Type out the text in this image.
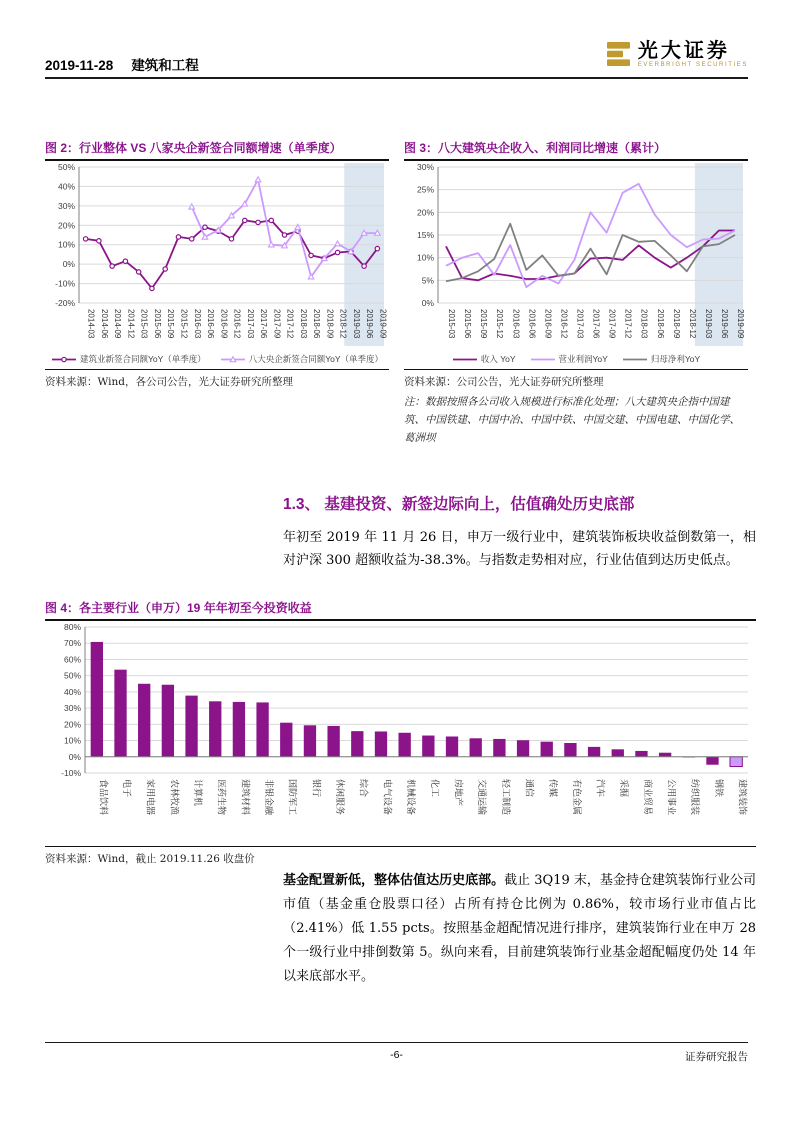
2019-11-28 建筑和工程
光大证券
EVERBRIGHT SECURITIES
图 2：行业整体 VS 八家央企新签合同额增速（单季度）
-20%
-10%
0%
10%
20%
30%
40%
50%
2014-03 2014-06 2014-09 2014-12 2015-03 2015-06 2015-09 2015-12 2016-03 2016-06 2016-09 2016-12 2017-03 2017-06 2017-09 2017-12 2018-03 2018-06 2018-09 2018-12 2019-03 2019-06 2019-09
建筑业新签合同额YoY（单季度）	八大央企新签合同额YoY（单季度）
资料来源：Wind，各公司公告，光大证券研究所整理
图 3：八大建筑央企收入、利润同比增速（累计）
0%
5%
10%
15%
20%
25%
30%
2015-03 2015-06 2015-09 2015-12 2016-03 2016-06 2016-09 2016-12 2017-03 2017-06 2017-09 2017-12 2018-03 2018-06 2018-09 2018-12 2019-03 2019-06 2019-09
收入 YoY	营业利润YoY	归母净利YoY
资料来源：公司公告，光大证券研究所整理
注：数据按照各公司收入规模进行标准化处理；八大建筑央企指中国建筑、中国铁建、中国中冶、中国中铁、中国交建、中国电建、中国化学、葛洲坝
1.3、 基建投资、新签边际向上，估值确处历史底部

年初至 2019 年 11 月 26 日，申万一级行业中，建筑装饰板块收益倒数第一，相对沪深 300 超额收益为-38.3%。与指数走势相对应，行业估值到达历史低点。

图 4：各主要行业（申万）19 年年初至今投资收益
-10%
0%
10%
20%
30%
40%
50%
60%
70%
80%
食品饮料 电子 家用电器 农林牧渔 计算机 医药生物 建筑材料 非银金融 国防军工 银行 休闲服务 综合 电气设备 机械设备 化工 房地产 交通运输 轻工制造 通信 传媒 有色金属 汽车 采掘 商业贸易 公用事业 纺织服装 钢铁 建筑装饰
资料来源：Wind，截止 2019.11.26 收盘价

基金配置新低，整体估值达历史底部。截止 3Q19 末，基金持仓建筑装饰行业公司市值（基金重仓股票口径）占所有持仓比例为 0.86%，较市场行业市值占比（2.41%）低 1.55 pcts。按照基金超配情况进行排序，建筑装饰行业在申万 28 个一级行业中排倒数第 5。纵向来看，目前建筑装饰行业基金超配幅度仍处 14 年以来底部水平。

-6-	证券研究报告
